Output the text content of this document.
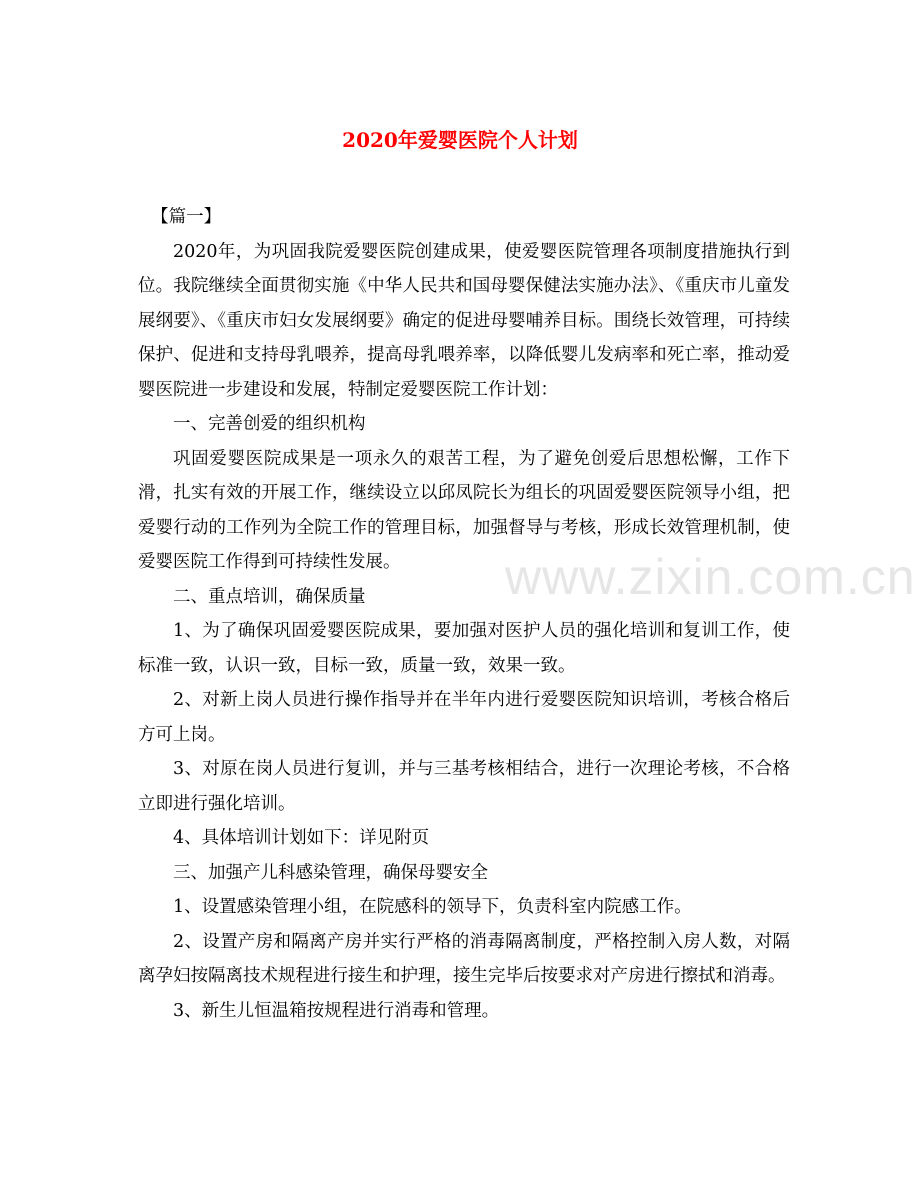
www.zixin.com.cn
2020年爱婴医院个人计划

【篇一】

2020年，为巩固我院爱婴医院创建成果，使爱婴医院管理各项制度措施执行到位。我院继续全面贯彻实施《中华人民共和国母婴保健法实施办法》、《重庆市儿童发展纲要》、《重庆市妇女发展纲要》确定的促进母婴哺养目标。围绕长效管理，可持续保护、促进和支持母乳喂养，提高母乳喂养率，以降低婴儿发病率和死亡率，推动爱婴医院进一步建设和发展，特制定爱婴医院工作计划：

一、完善创爱的组织机构

巩固爱婴医院成果是一项永久的艰苦工程，为了避免创爱后思想松懈，工作下滑，扎实有效的开展工作，继续设立以邱凤院长为组长的巩固爱婴医院领导小组，把爱婴行动的工作列为全院工作的管理目标，加强督导与考核，形成长效管理机制，使爱婴医院工作得到可持续性发展。

二、重点培训，确保质量

1、为了确保巩固爱婴医院成果，要加强对医护人员的强化培训和复训工作，使标准一致，认识一致，目标一致，质量一致，效果一致。

2、对新上岗人员进行操作指导并在半年内进行爱婴医院知识培训，考核合格后方可上岗。

3、对原在岗人员进行复训，并与三基考核相结合，进行一次理论考核，不合格立即进行强化培训。

4、具体培训计划如下：详见附页

三、加强产儿科感染管理，确保母婴安全

1、设置感染管理小组，在院感科的领导下，负责科室内院感工作。

2、设置产房和隔离产房并实行严格的消毒隔离制度，严格控制入房人数，对隔离孕妇按隔离技术规程进行接生和护理，接生完毕后按要求对产房进行擦拭和消毒。

3、新生儿恒温箱按规程进行消毒和管理。
